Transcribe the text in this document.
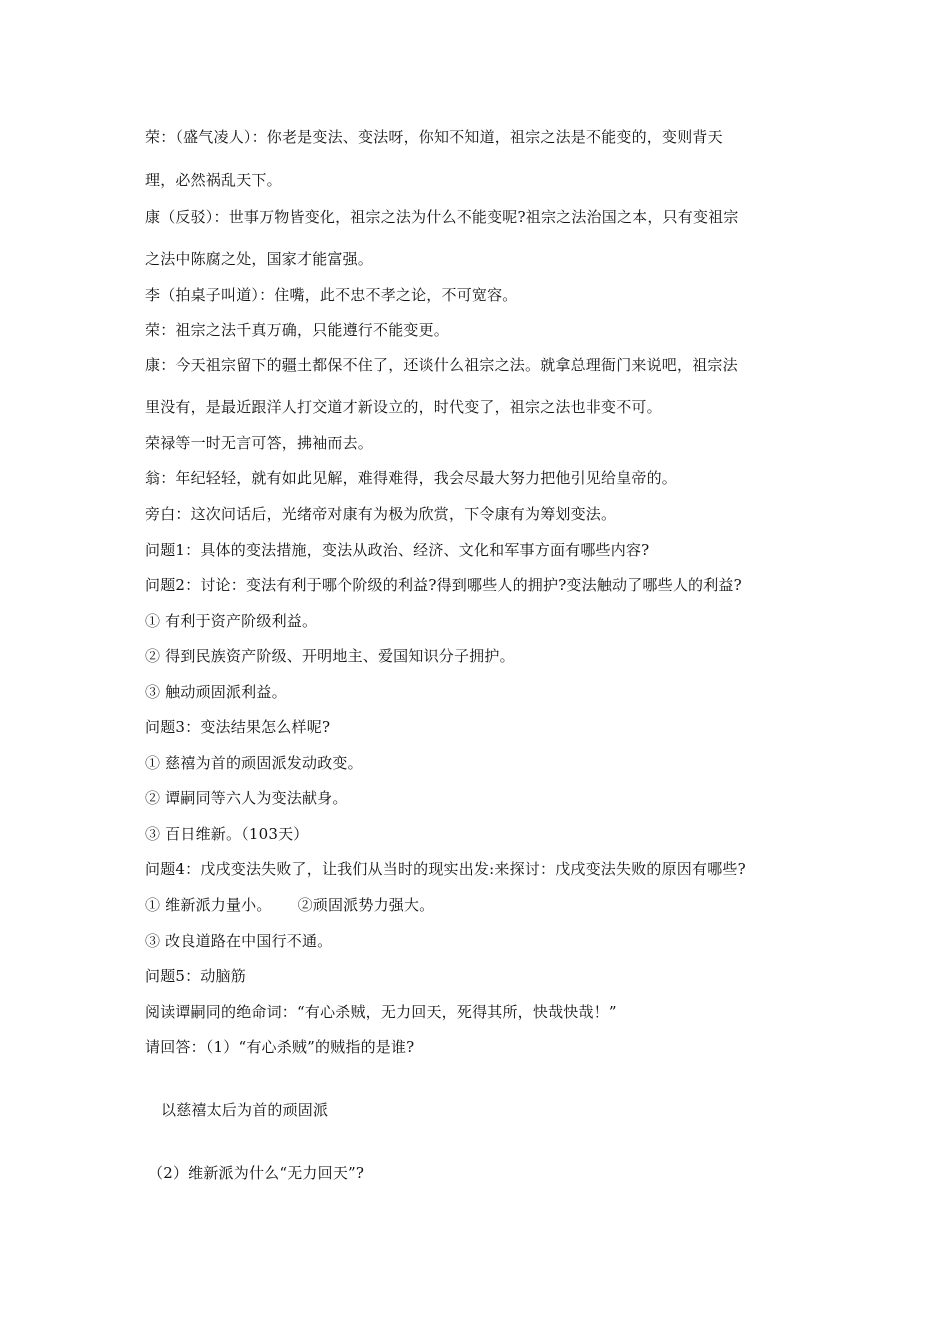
荣：（盛气凌人）：你老是变法、变法呀，你知不知道，祖宗之法是不能变的，变则背天
理，必然祸乱天下。
康（反驳）：世事万物皆变化，祖宗之法为什么不能变呢?祖宗之法治国之本，只有变祖宗
之法中陈腐之处，国家才能富强。
李（拍桌子叫道）：住嘴，此不忠不孝之论，不可宽容。
荣：祖宗之法千真万确，只能遵行不能变更。
康：今天祖宗留下的疆土都保不住了，还谈什么祖宗之法。就拿总理衙门来说吧，祖宗法
里没有，是最近跟洋人打交道才新设立的，时代变了，祖宗之法也非变不可。
荣禄等一时无言可答，拂袖而去。
翁：年纪轻轻，就有如此见解，难得难得，我会尽最大努力把他引见给皇帝的。
旁白：这次问话后，光绪帝对康有为极为欣赏，下令康有为筹划变法。
问题1：具体的变法措施，变法从政治、经济、文化和军事方面有哪些内容?
问题2：讨论：变法有利于哪个阶级的利益?得到哪些人的拥护?变法触动了哪些人的利益?
① 有利于资产阶级利益。
② 得到民族资产阶级、开明地主、爱国知识分子拥护。
③ 触动顽固派利益。
问题3：变法结果怎么样呢?
① 慈禧为首的顽固派发动政变。
② 谭嗣同等六人为变法献身。
③ 百日维新。（103天）
问题4：戊戌变法失败了，让我们从当时的现实出发:来探讨：戊戌变法失败的原因有哪些?
① 维新派力量小。 ②顽固派势力强大。
③ 改良道路在中国行不通。
问题5：动脑筋
阅读谭嗣同的绝命词：“有心杀贼，无力回天，死得其所，快哉快哉！”
请回答：（1）“有心杀贼”的贼指的是谁?
以慈禧太后为首的顽固派
（2）维新派为什么“无力回天”?
